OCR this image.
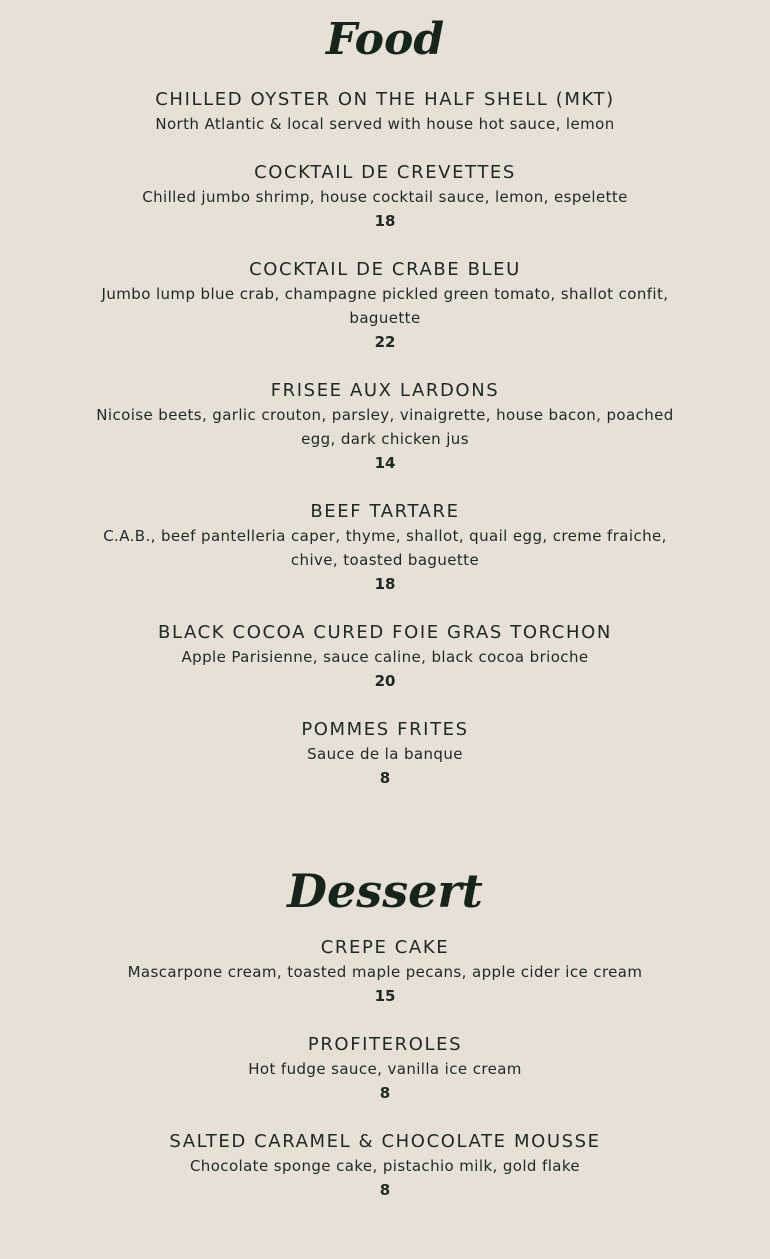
Food
CHILLED OYSTER ON THE HALF SHELL (MKT)
North Atlantic & local served with house hot sauce, lemon
COCKTAIL DE CREVETTES
Chilled jumbo shrimp, house cocktail sauce, lemon, espelette
18
COCKTAIL DE CRABE BLEU
Jumbo lump blue crab, champagne pickled green tomato, shallot confit, baguette
22
FRISEE AUX LARDONS
Nicoise beets, garlic crouton, parsley, vinaigrette, house bacon, poached egg, dark chicken jus
14
BEEF TARTARE
C.A.B., beef pantelleria caper, thyme, shallot, quail egg, creme fraiche, chive, toasted baguette
18
BLACK COCOA CURED FOIE GRAS TORCHON
Apple Parisienne, sauce caline, black cocoa brioche
20
POMMES FRITES
Sauce de la banque
8
Dessert
CREPE CAKE
Mascarpone cream, toasted maple pecans, apple cider ice cream
15
PROFITEROLES
Hot fudge sauce, vanilla ice cream
8
SALTED CARAMEL & CHOCOLATE MOUSSE
Chocolate sponge cake, pistachio milk, gold flake
8
